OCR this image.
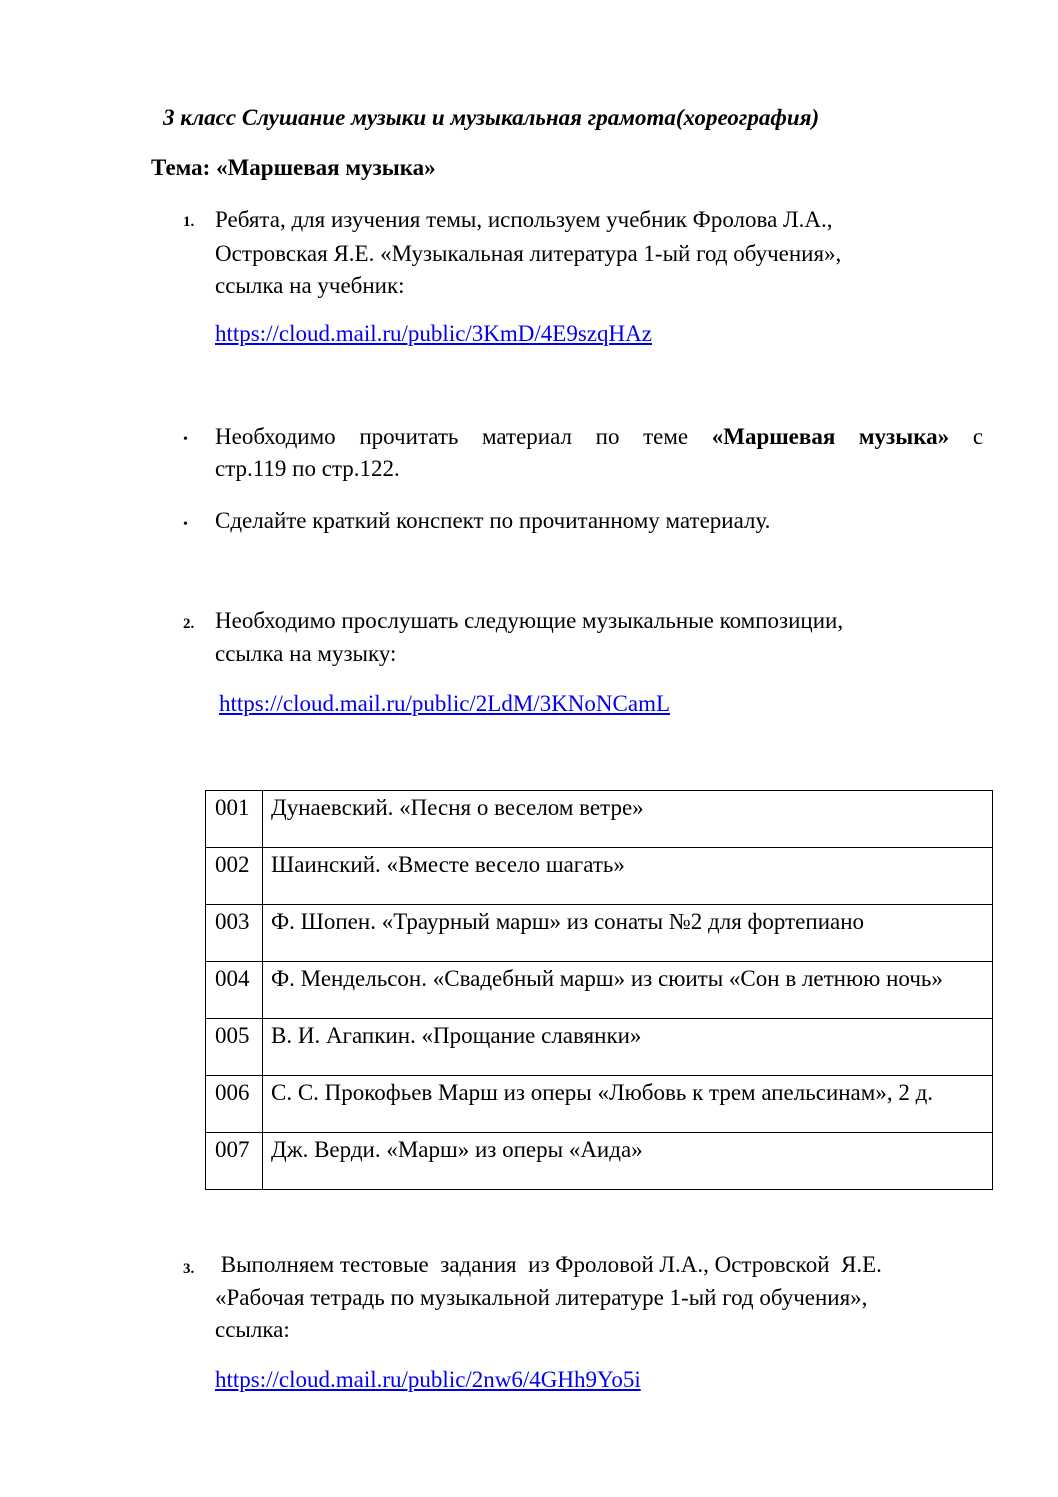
3 класс Слушание музыки и музыкальная грамота(хореография)
Тема: «Маршевая музыка»
1. Ребята, для изучения темы, используем учебник Фролова Л.А.,
Островская Я.Е. «Музыкальная литература 1-ый год обучения»,
ссылка на учебник:
https://cloud.mail.ru/public/3KmD/4E9szqHAz
• Необходимо прочитать материал по теме «Маршевая музыка» с
стр.119 по стр.122.
• Сделайте краткий конспект по прочитанному материалу.
2. Необходимо прослушать следующие музыкальные композиции,
ссылка на музыку:
https://cloud.mail.ru/public/2LdM/3KNoNCamL
001	Дунаевский. «Песня о веселом ветре»
002	Шаинский. «Вместе весело шагать»
003	Ф. Шопен. «Траурный марш» из сонаты №2 для фортепиано
004	Ф. Мендельсон. «Свадебный марш» из сюиты «Сон в летнюю ночь»
005	В. И. Агапкин. «Прощание славянки»
006	С. С. Прокофьев Марш из оперы «Любовь к трем апельсинам», 2 д.
007	Дж. Верди. «Марш» из оперы «Аида»
3. Выполняем тестовые  задания  из Фроловой Л.А., Островской  Я.Е.
«Рабочая тетрадь по музыкальной литературе 1-ый год обучения»,
ссылка:
https://cloud.mail.ru/public/2nw6/4GHh9Yo5i
